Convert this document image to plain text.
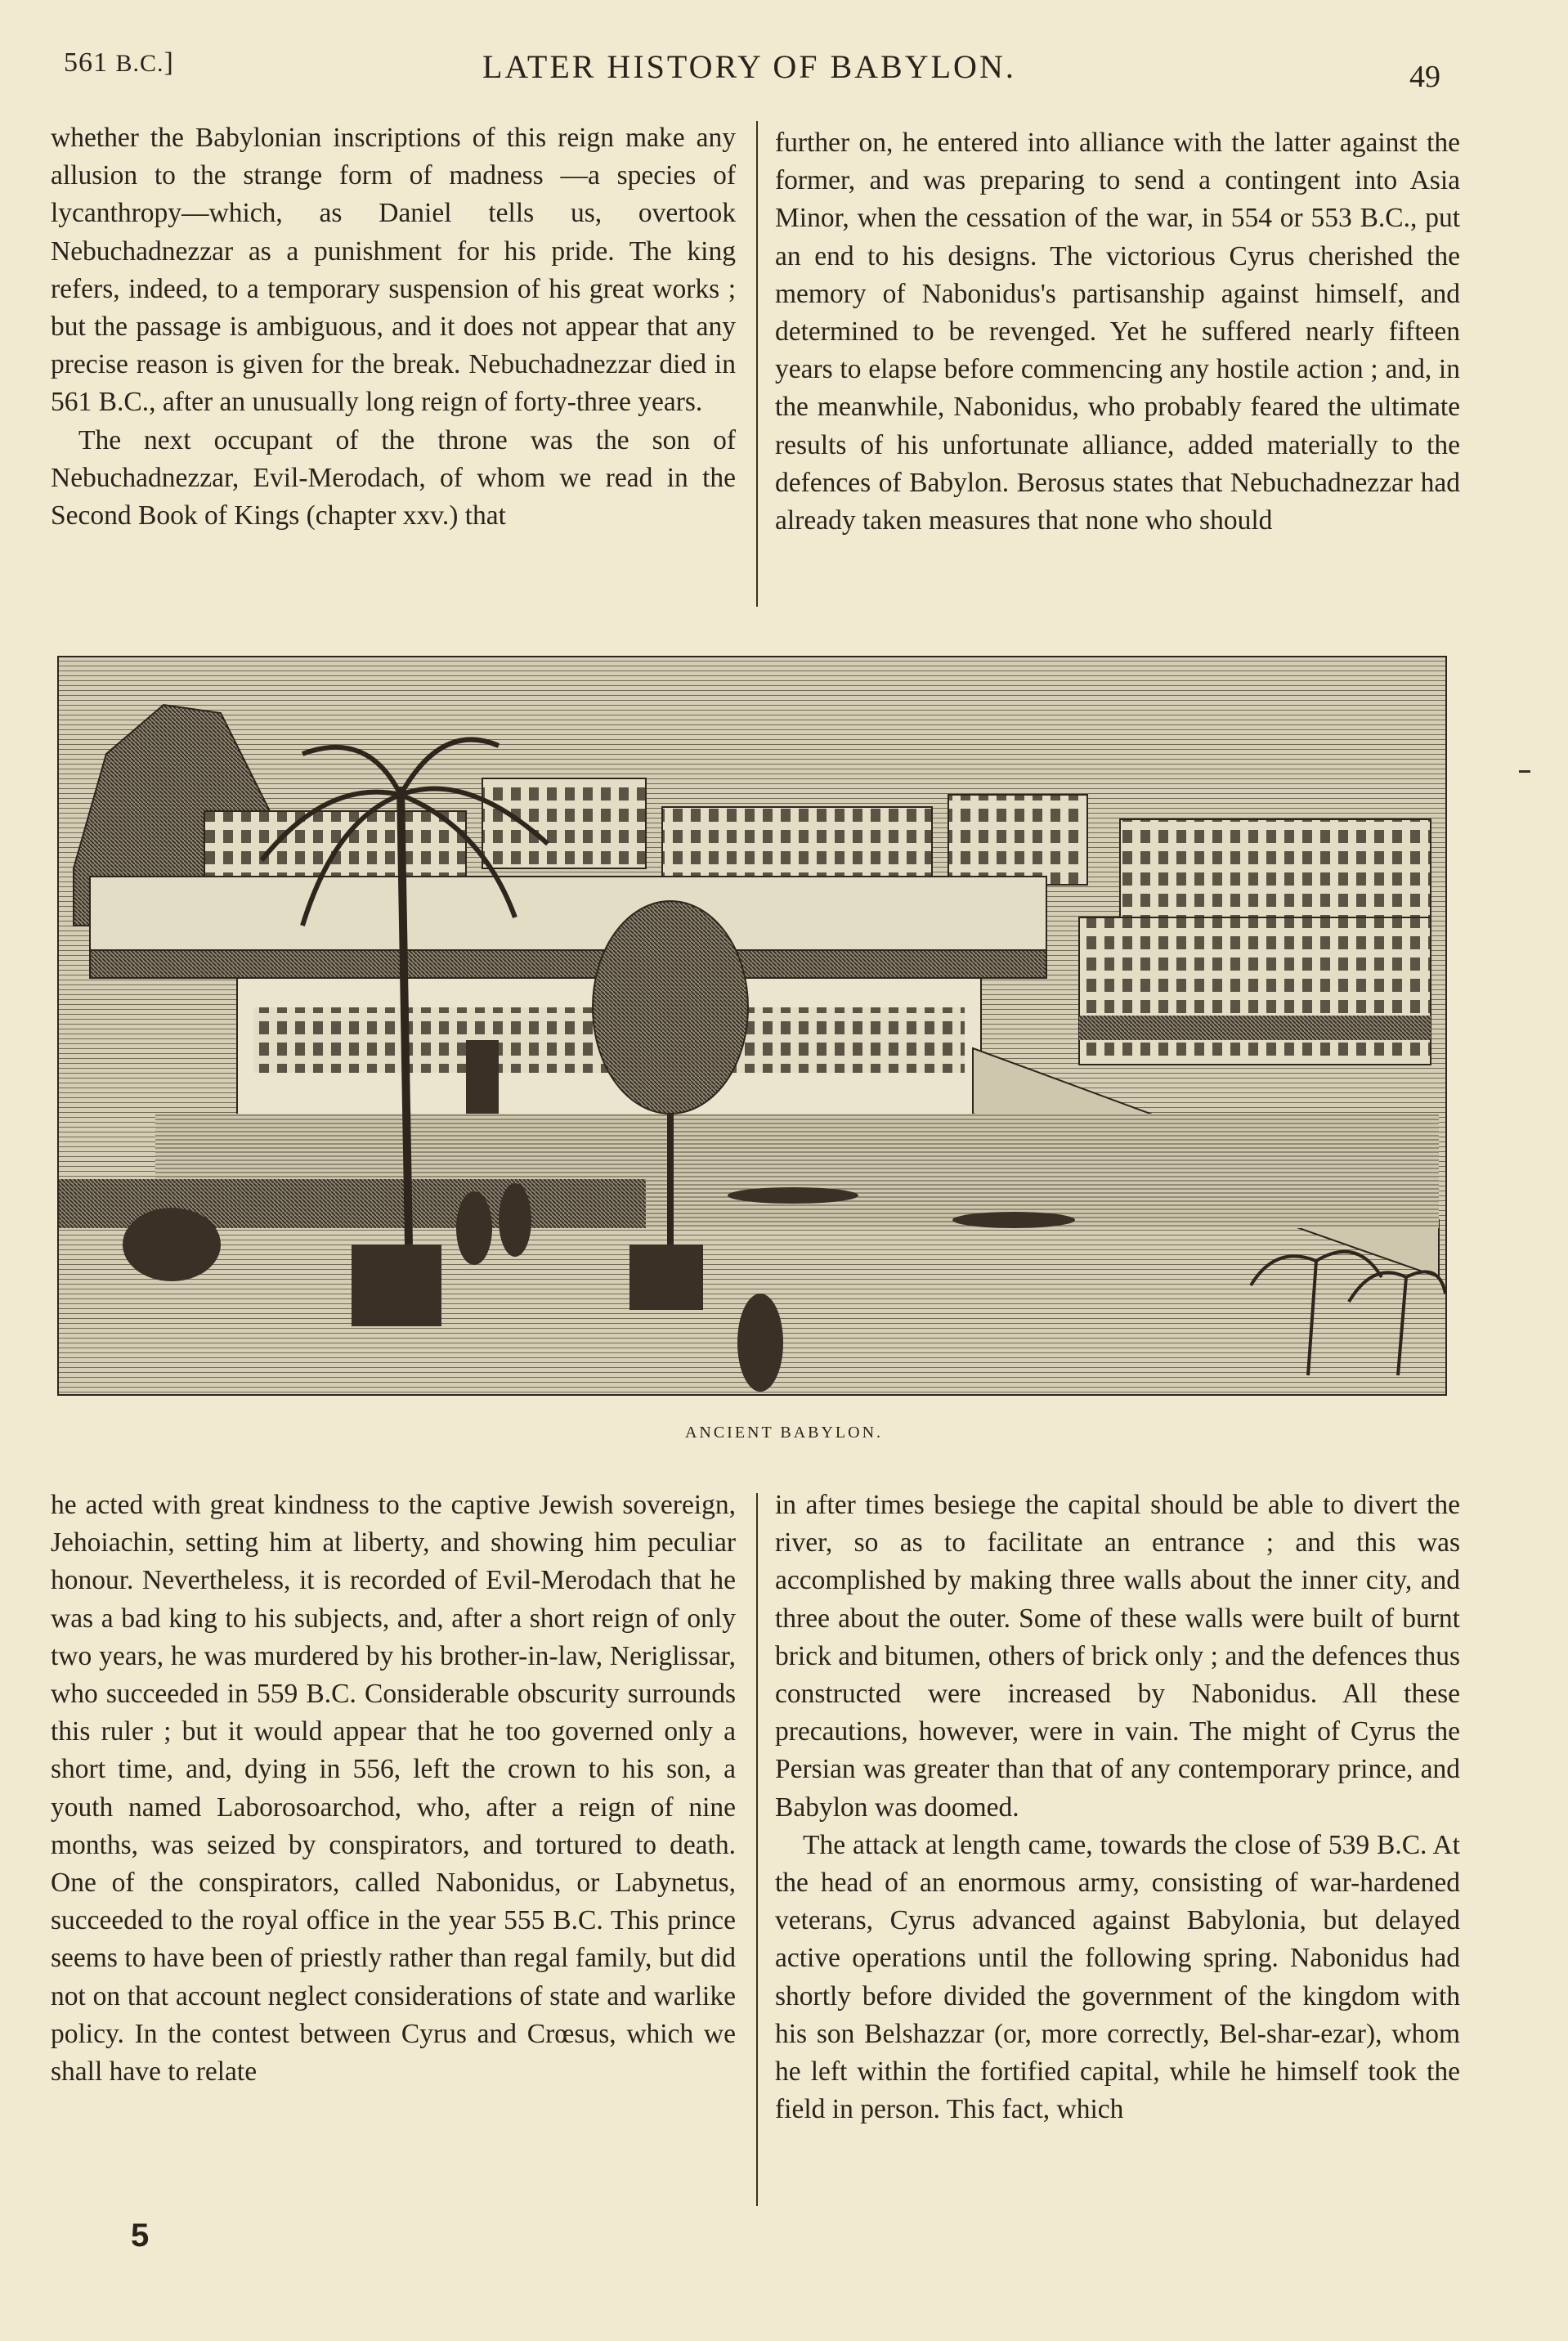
561 B.C.]	LATER HISTORY OF BABYLON.	49

whether the Babylonian inscriptions of this reign make any allusion to the strange form of madness —a species of lycanthropy—which, as Daniel tells us, overtook Nebuchadnezzar as a punishment for his pride. The king refers, indeed, to a temporary suspension of his great works ; but the passage is ambiguous, and it does not appear that any precise reason is given for the break. Nebuchadnezzar died in 561 B.C., after an unusually long reign of forty-three years.

The next occupant of the throne was the son of Nebuchadnezzar, Evil-Merodach, of whom we read in the Second Book of Kings (chapter xxv.) that

further on, he entered into alliance with the latter against the former, and was preparing to send a contingent into Asia Minor, when the cessation of the war, in 554 or 553 B.C., put an end to his designs. The victorious Cyrus cherished the memory of Nabonidus's partisanship against himself, and determined to be revenged. Yet he suffered nearly fifteen years to elapse before commencing any hostile action ; and, in the meanwhile, Nabonidus, who probably feared the ultimate results of his unfortunate alliance, added materially to the defences of Babylon. Berosus states that Nebuchadnezzar had already taken measures that none who should

ANCIENT BABYLON.

he acted with great kindness to the captive Jewish sovereign, Jehoiachin, setting him at liberty, and showing him peculiar honour. Nevertheless, it is recorded of Evil-Merodach that he was a bad king to his subjects, and, after a short reign of only two years, he was murdered by his brother-in-law, Neriglissar, who succeeded in 559 B.C. Considerable obscurity surrounds this ruler ; but it would appear that he too governed only a short time, and, dying in 556, left the crown to his son, a youth named Laborosoarchod, who, after a reign of nine months, was seized by conspirators, and tortured to death. One of the conspirators, called Nabonidus, or Labynetus, succeeded to the royal office in the year 555 B.C. This prince seems to have been of priestly rather than regal family, but did not on that account neglect considerations of state and warlike policy. In the contest between Cyrus and Crœsus, which we shall have to relate

in after times besiege the capital should be able to divert the river, so as to facilitate an entrance ; and this was accomplished by making three walls about the inner city, and three about the outer. Some of these walls were built of burnt brick and bitumen, others of brick only ; and the defences thus constructed were increased by Nabonidus. All these precautions, however, were in vain. The might of Cyrus the Persian was greater than that of any contemporary prince, and Babylon was doomed.

The attack at length came, towards the close of 539 B.C. At the head of an enormous army, consisting of war-hardened veterans, Cyrus advanced against Babylonia, but delayed active operations until the following spring. Nabonidus had shortly before divided the government of the kingdom with his son Belshazzar (or, more correctly, Bel-shar-ezar), whom he left within the fortified capital, while he himself took the field in person. This fact, which

5
